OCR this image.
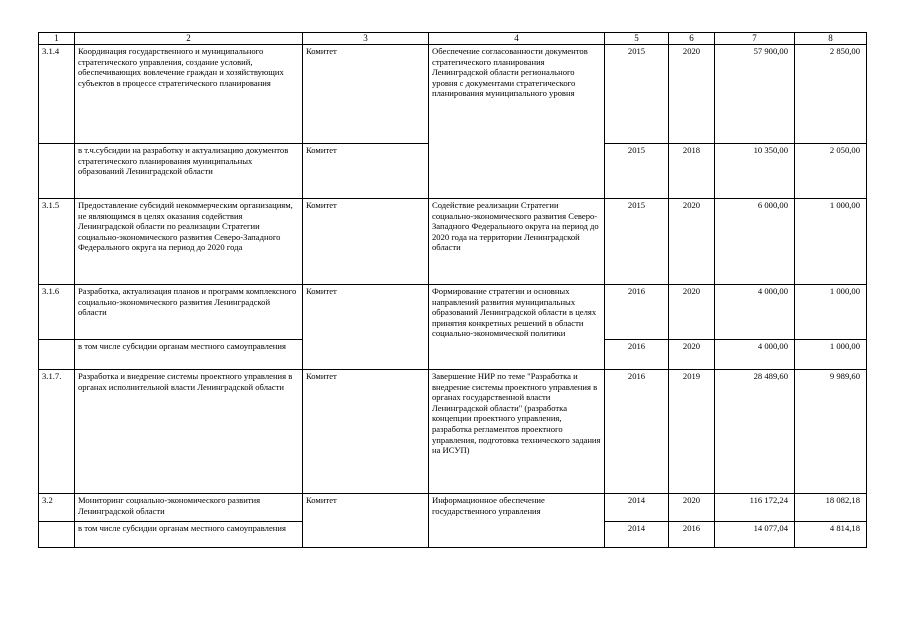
1	2	3	4	5	6	7	8
3.1.4	Координация государственного и муниципального стратегического управления, создание условий, обеспечивающих вовлечение граждан и хозяйствующих субъектов в процессе стратегического планирования	Комитет	Обеспечение согласованности документов стратегического планирования Ленинградской области регионального уровня с документами стратегического планирования муниципального уровня	2015	2020	57 900,00	2 850,00
	в т.ч.субсидии на разработку и актуализацию документов стратегического планирования муниципальных образований Ленинградской области	Комитет		2015	2018	10 350,00	2 050,00
3.1.5	Предоставление субсидий некоммерческим организациям, не являющимся в целях оказания содействия Ленинградской области по реализации Стратегии социально-экономического развития Северо-Западного Федерального округа на период до 2020 года	Комитет	Содействие реализации Стратегии социально-экономического развития Северо-Западного Федерального округа на период до 2020 года на территории Ленинградской области	2015	2020	6 000,00	1 000,00
3.1.6	Разработка, актуализация планов и программ комплексного социально-экономического развития Ленинградской области	Комитет	Формирование стратегии и основных направлений развития муниципальных образований Ленинградской области в целях принятия конкретных решений в области социально-экономической политики	2016	2020	4 000,00	1 000,00
	в том числе субсидии органам местного самоуправления			2016	2020	4 000,00	1 000,00
3.1.7.	Разработка и внедрение системы проектного управления в органах исполнительной власти Ленинградской области	Комитет	Завершение НИР по теме "Разработка и внедрение системы проектного управления в органах государственной власти Ленинградской области" (разработка концепции проектного управления, разработка регламентов проектного управления, подготовка технического задания на ИСУП)	2016	2019	28 489,60	9 989,60
3.2	Мониторинг социально-экономического развития Ленинградской области	Комитет	Информационное обеспечение государственного управления	2014	2020	116 172,24	18 082,18
	в том числе субсидии органам местного самоуправления			2014	2016	14 077,04	4 814,18
